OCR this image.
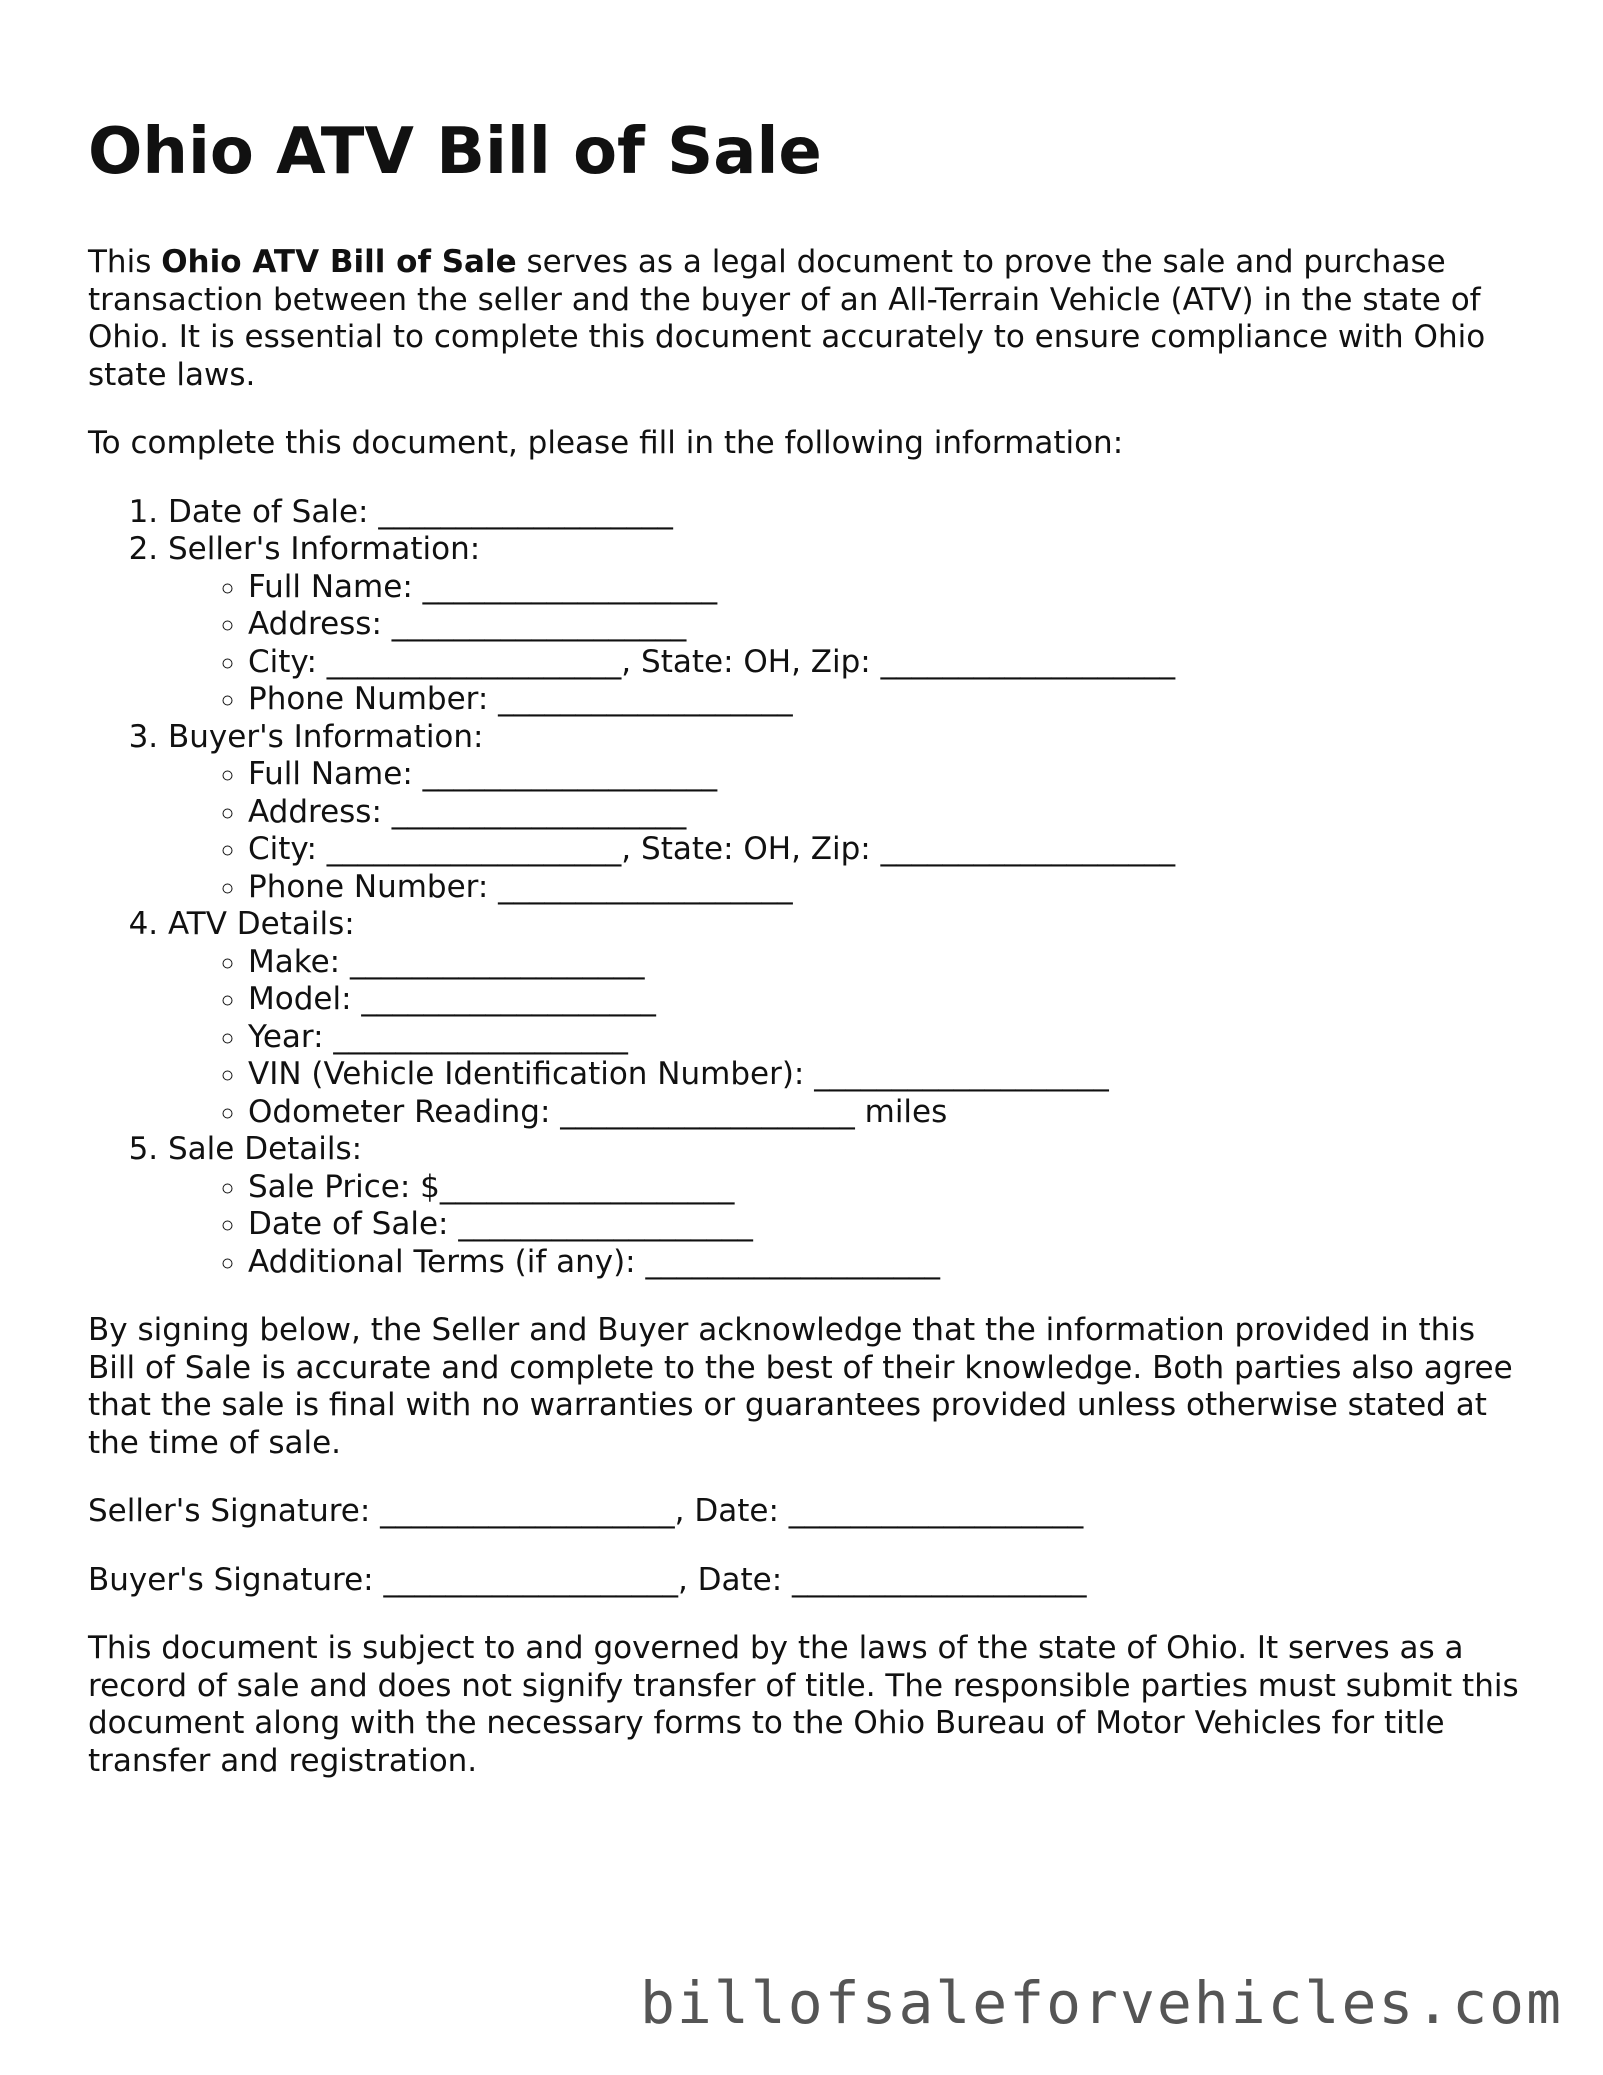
Ohio ATV Bill of Sale

This Ohio ATV Bill of Sale serves as a legal document to prove the sale and purchase transaction between the seller and the buyer of an All-Terrain Vehicle (ATV) in the state of Ohio. It is essential to complete this document accurately to ensure compliance with Ohio state laws.

To complete this document, please fill in the following information:

1. Date of Sale: ___________________
2. Seller's Information:
◦ Full Name: ___________________
◦ Address: ___________________
◦ City: ___________________, State: OH, Zip: ___________________
◦ Phone Number: ___________________
3. Buyer's Information:
◦ Full Name: ___________________
◦ Address: ___________________
◦ City: ___________________, State: OH, Zip: ___________________
◦ Phone Number: ___________________
4. ATV Details:
◦ Make: ___________________
◦ Model: ___________________
◦ Year: ___________________
◦ VIN (Vehicle Identification Number): ___________________
◦ Odometer Reading: ___________________ miles
5. Sale Details:
◦ Sale Price: $___________________
◦ Date of Sale: ___________________
◦ Additional Terms (if any): ___________________

By signing below, the Seller and Buyer acknowledge that the information provided in this Bill of Sale is accurate and complete to the best of their knowledge. Both parties also agree that the sale is final with no warranties or guarantees provided unless otherwise stated at the time of sale.

Seller's Signature: ___________________, Date: ___________________

Buyer's Signature: ___________________, Date: ___________________

This document is subject to and governed by the laws of the state of Ohio. It serves as a record of sale and does not signify transfer of title. The responsible parties must submit this document along with the necessary forms to the Ohio Bureau of Motor Vehicles for title transfer and registration.

billofsaleforvehicles.com
